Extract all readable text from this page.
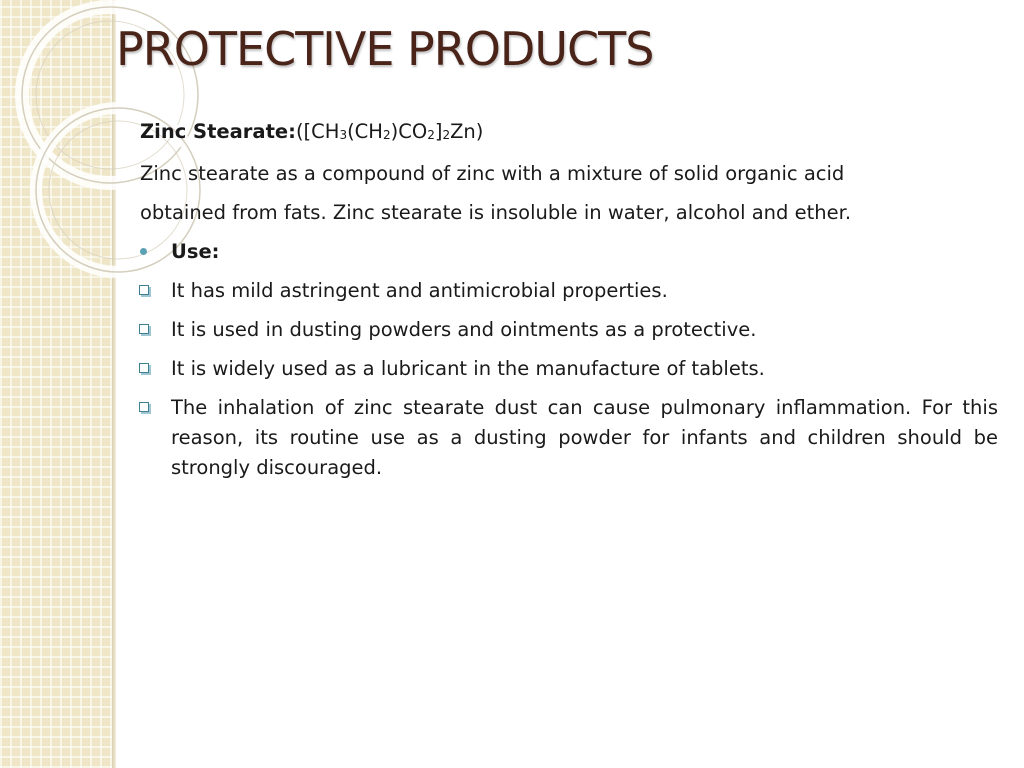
PROTECTIVE PRODUCTS

Zinc $Stearate:([CH_3(CH_2)CO_2]_2Zn)$

Zinc stearate as a compound of zinc with a mixture of solid organic acid

obtained from fats. Zinc stearate is insoluble in water, alcohol and ether.

Use:
It has mild astringent and antimicrobial properties.
It is used in dusting powders and ointments as a protective.
It is widely used as a lubricant in the manufacture of tablets.
The inhalation of zinc stearate dust can cause pulmonary inflammation. For this reason, its routine use as a dusting powder for infants and children should be strongly discouraged.
